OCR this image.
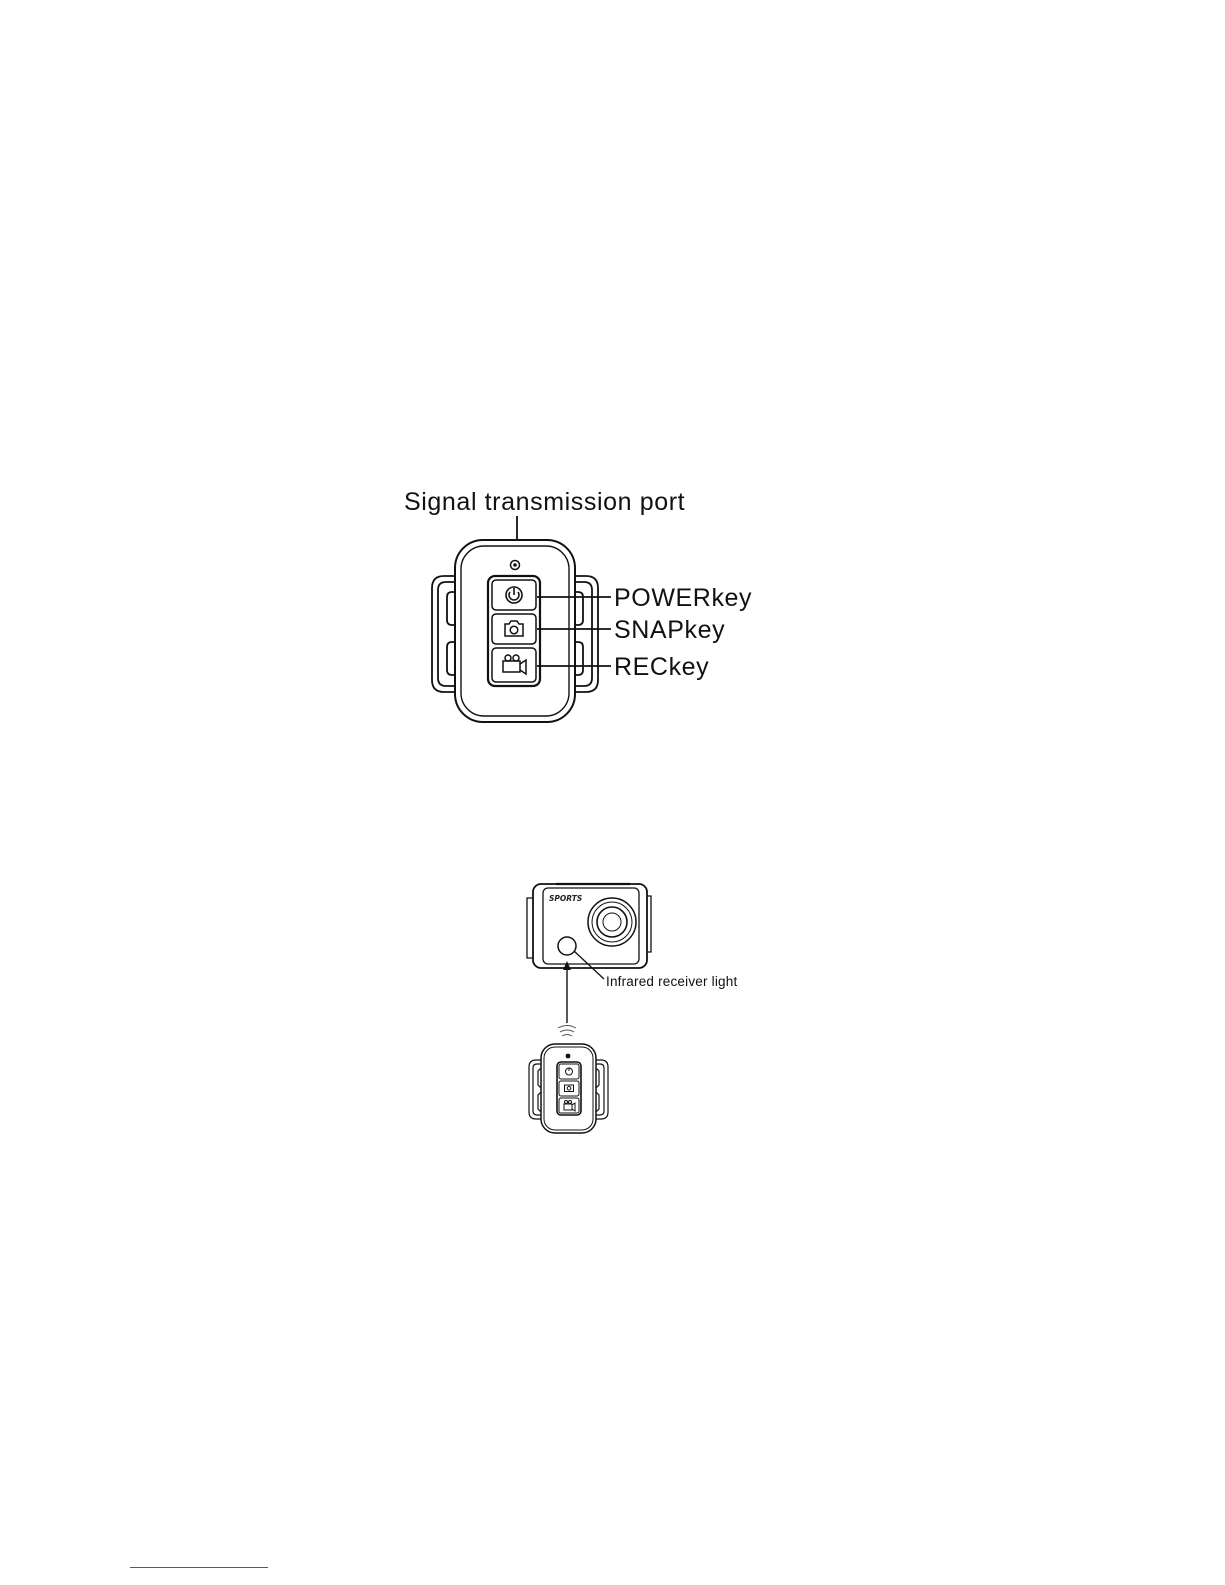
Signal transmission port
POWERkey
SNAPkey
RECkey
SPORTS
Infrared receiver light
